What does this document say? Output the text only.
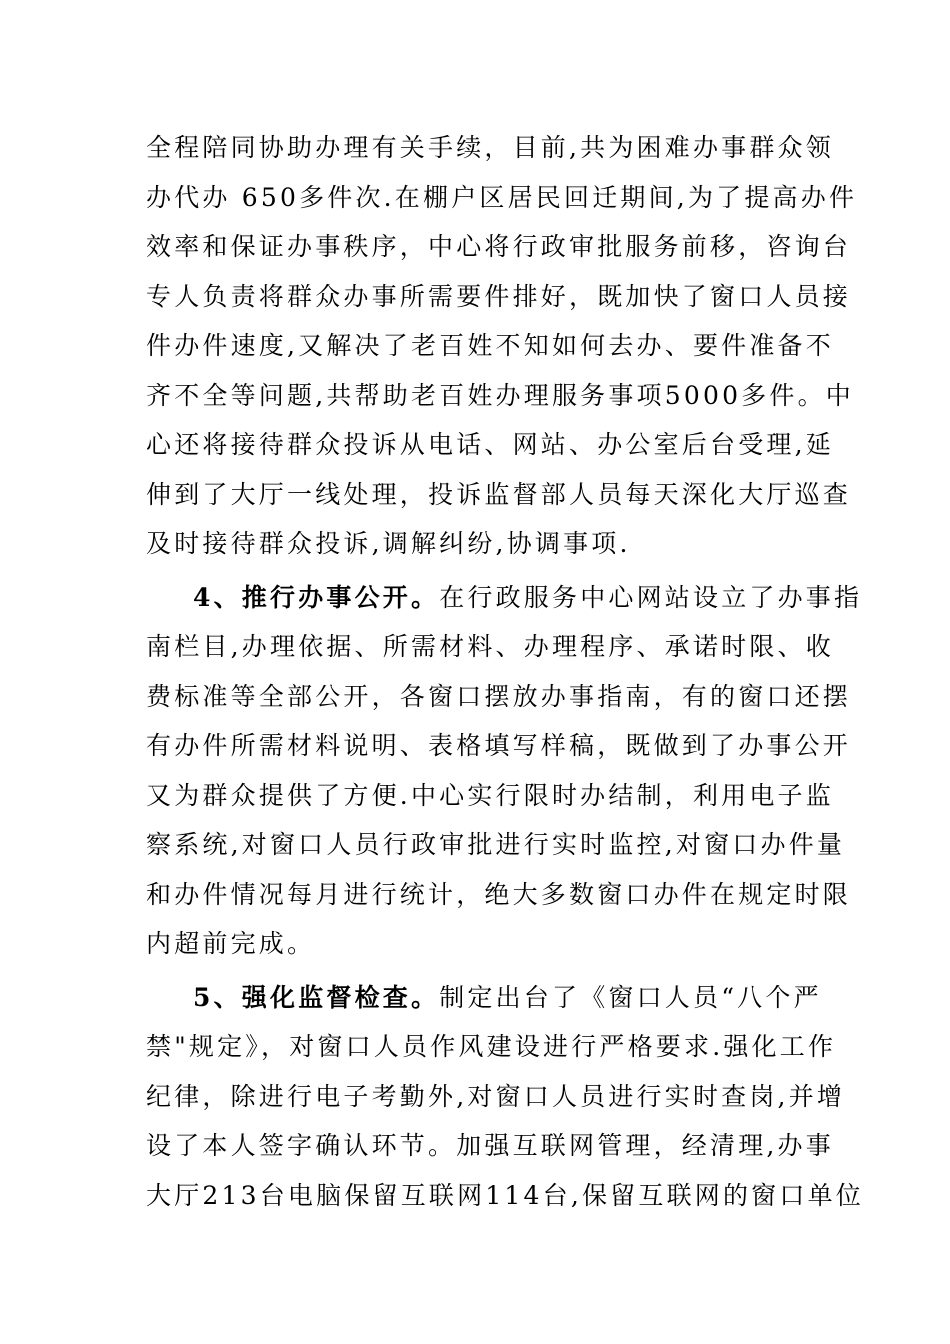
全程陪同协助办理有关手续，目前,共为困难办事群众领
办代办 650多件次.在棚户区居民回迁期间,为了提高办件
效率和保证办事秩序，中心将行政审批服务前移，咨询台
专人负责将群众办事所需要件排好，既加快了窗口人员接
件办件速度,又解决了老百姓不知如何去办、要件准备不
齐不全等问题,共帮助老百姓办理服务事项5000多件。中
心还将接待群众投诉从电话、网站、办公室后台受理,延
伸到了大厅一线处理，投诉监督部人员每天深化大厅巡查
及时接待群众投诉,调解纠纷,协调事项.
4、推行办事公开。在行政服务中心网站设立了办事指
南栏目,办理依据、所需材料、办理程序、承诺时限、收
费标准等全部公开，各窗口摆放办事指南，有的窗口还摆
有办件所需材料说明、表格填写样稿，既做到了办事公开
又为群众提供了方便.中心实行限时办结制，利用电子监
察系统,对窗口人员行政审批进行实时监控,对窗口办件量
和办件情况每月进行统计，绝大多数窗口办件在规定时限
内超前完成。
5、强化监督检查。制定出台了《窗口人员“八个严
禁"规定》，对窗口人员作风建设进行严格要求.强化工作
纪律，除进行电子考勤外,对窗口人员进行实时查岗,并增
设了本人签字确认环节。加强互联网管理，经清理,办事
大厅213台电脑保留互联网114台,保留互联网的窗口单位
